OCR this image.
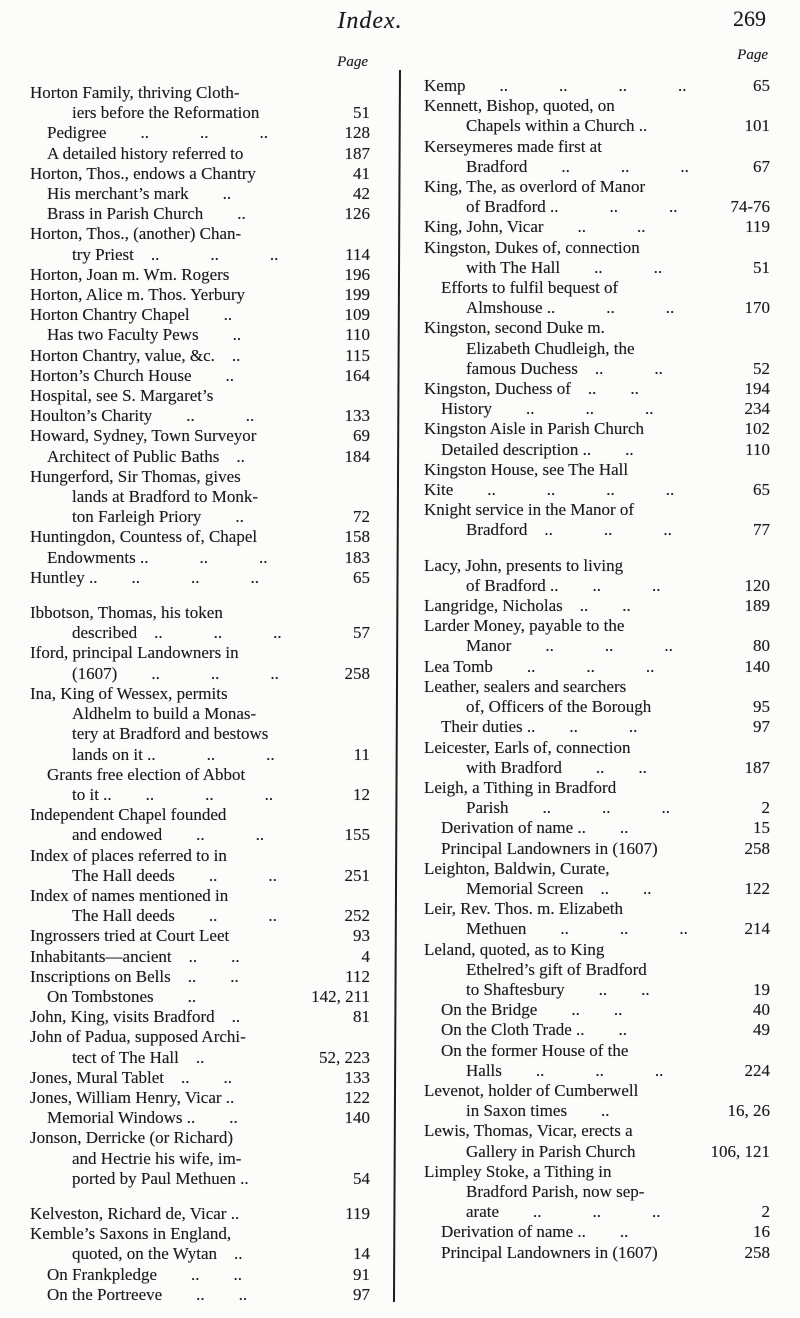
Index.	269
Page
Horton Family, thriving Cloth-
iers before the Reformation	51
Pedigree  ..   ..   ..	128
A detailed history referred to	187
Horton, Thos., endows a Chantry	41
His merchant’s mark  ..	42
Brass in Parish Church  ..	126
Horton, Thos., (another) Chan-
try Priest ..   ..   ..	114
Horton, Joan m. Wm. Rogers	196
Horton, Alice m. Thos. Yerbury	199
Horton Chantry Chapel  ..	109
Has two Faculty Pews  ..	110
Horton Chantry, value, &c. ..	115
Horton’s Church House  ..	164
Hospital, see S. Margaret’s
Houlton’s Charity  ..   ..	133
Howard, Sydney, Town Surveyor	69
Architect of Public Baths ..	184
Hungerford, Sir Thomas, gives
lands at Bradford to Monk-
ton Farleigh Priory  ..	72
Huntingdon, Countess of, Chapel	158
Endowments ..   ..   ..	183
Huntley ..  ..   ..   ..	65
Ibbotson, Thomas, his token
described ..   ..   ..	57
Iford, principal Landowners in
(1607)  ..   ..   ..	258
Ina, King of Wessex, permits
Aldhelm to build a Monas-
tery at Bradford and bestows
lands on it ..   ..   ..	11
Grants free election of Abbot
to it ..  ..   ..   ..	12
Independent Chapel founded
and endowed  ..   ..	155
Index of places referred to in
The Hall deeds  ..   ..	251
Index of names mentioned in
The Hall deeds  ..   ..	252
Ingrossers tried at Court Leet	93
Inhabitants—ancient ..  ..	4
Inscriptions on Bells ..  ..	112
On Tombstones  ..	142, 211
John, King, visits Bradford ..	81
John of Padua, supposed Archi-
tect of The Hall ..	52, 223
Jones, Mural Tablet ..  ..	133
Jones, William Henry, Vicar ..	122
Memorial Windows ..  ..	140
Jonson, Derricke (or Richard)
and Hectrie his wife, im-
ported by Paul Methuen ..	54
Kelveston, Richard de, Vicar ..	119
Kemble’s Saxons in England,
quoted, on the Wytan ..	14
On Frankpledge  ..  ..	91
On the Portreeve  ..  ..	97
Page
Kemp  ..   ..   ..   ..	65
Kennett, Bishop, quoted, on
Chapels within a Church ..	101
Kerseymeres made first at
Bradford  ..   ..   ..	67
King, The, as overlord of Manor
of Bradford ..   ..   ..	74-76
King, John, Vicar  ..   ..	119
Kingston, Dukes of, connection
with The Hall  ..   ..	51
Efforts to fulfil bequest of
Almshouse ..   ..   ..	170
Kingston, second Duke m.
Elizabeth Chudleigh, the
famous Duchess ..   ..	52
Kingston, Duchess of ..  ..	194
History  ..   ..   ..	234
Kingston Aisle in Parish Church	102
Detailed description ..  ..	110
Kingston House, see The Hall
Kite  ..   ..   ..   ..	65
Knight service in the Manor of
Bradford ..   ..   ..	77
Lacy, John, presents to living
of Bradford ..  ..   ..	120
Langridge, Nicholas ..  ..	189
Larder Money, payable to the
Manor  ..   ..   ..	80
Lea Tomb  ..   ..   ..	140
Leather, sealers and searchers
of, Officers of the Borough	95
Their duties ..  ..   ..	97
Leicester, Earls of, connection
with Bradford  ..  ..	187
Leigh, a Tithing in Bradford
Parish  ..   ..   ..	2
Derivation of name ..  ..	15
Principal Landowners in (1607)	258
Leighton, Baldwin, Curate,
Memorial Screen ..  ..	122
Leir, Rev. Thos. m. Elizabeth
Methuen  ..   ..   ..	214
Leland, quoted, as to King
Ethelred’s gift of Bradford
to Shaftesbury  ..  ..	19
On the Bridge  ..  ..	40
On the Cloth Trade ..  ..	49
On the former House of the
Halls  ..   ..   ..	224
Levenot, holder of Cumberwell
in Saxon times  ..	16, 26
Lewis, Thomas, Vicar, erects a
Gallery in Parish Church	106, 121
Limpley Stoke, a Tithing in
Bradford Parish, now sep-
arate  ..   ..   ..	2
Derivation of name ..  ..	16
Principal Landowners in (1607)	258
